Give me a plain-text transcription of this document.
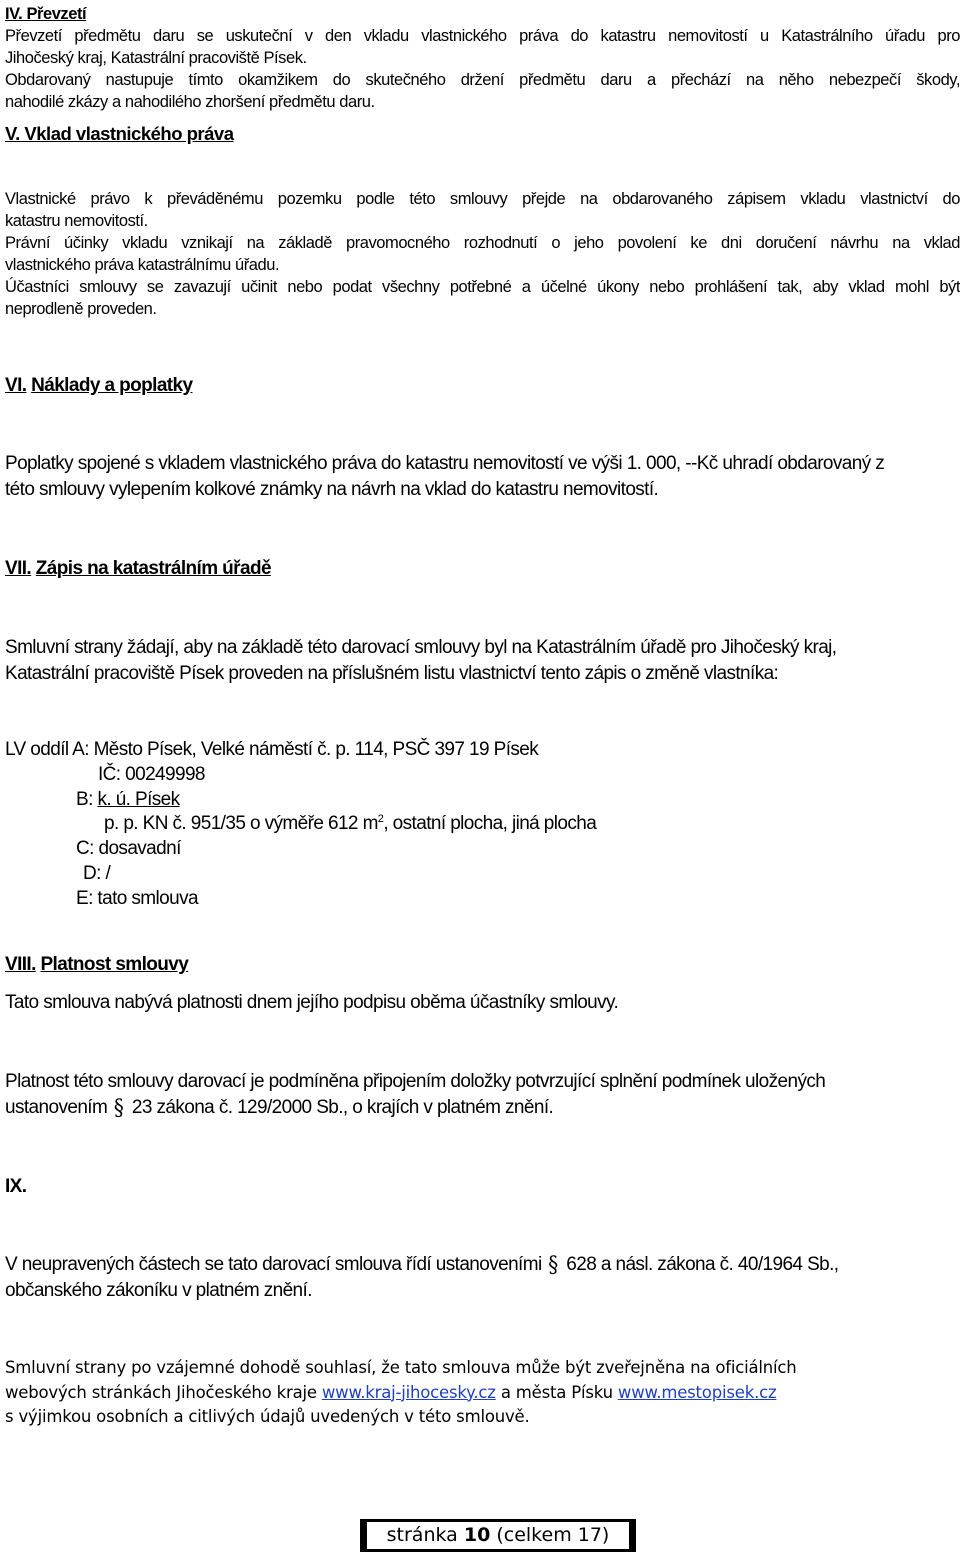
IV. Převzetí
Převzetí předmětu daru se uskuteční v den vkladu vlastnického práva do katastru nemovitostí u Katastrálního úřadu pro
Jihočeský kraj, Katastrální pracoviště Písek.
Obdarovaný nastupuje tímto okamžikem do skutečného držení předmětu daru a přechází na něho nebezpečí škody,
nahodilé zkázy a nahodilého zhoršení předmětu daru.
V. Vklad vlastnického práva
Vlastnické právo k převáděnému pozemku podle této smlouvy přejde na obdarovaného zápisem vkladu vlastnictví do
katastru nemovitostí.
Právní účinky vkladu vznikají na základě pravomocného rozhodnutí o jeho povolení ke dni doručení návrhu na vklad
vlastnického práva katastrálnímu úřadu.
Účastníci smlouvy se zavazují učinit nebo podat všechny potřebné a účelné úkony nebo prohlášení tak, aby vklad mohl být
neprodleně proveden.
VI. Náklady a poplatky
Poplatky spojené s vkladem vlastnického práva do katastru nemovitostí ve výši 1. 000, --Kč uhradí obdarovaný z
této smlouvy vylepením kolkové známky na návrh na vklad do katastru nemovitostí.
VII. Zápis na katastrálním úřadě
Smluvní strany žádají, aby na základě této darovací smlouvy byl na Katastrálním úřadě pro Jihočeský kraj,
Katastrální pracoviště Písek proveden na příslušném listu vlastnictví tento zápis o změně vlastníka:
LV oddíl A: Město Písek, Velké náměstí č. p. 114, PSČ 397 19 Písek
IČ: 00249998
B: k. ú. Písek
p. p. KN č. 951/35 o výměře 612 $m^2$, ostatní plocha, jiná plocha
C: dosavadní
D: /
E: tato smlouva
VIII. Platnost smlouvy
Tato smlouva nabývá platnosti dnem jejího podpisu oběma účastníky smlouvy.
Platnost této smlouvy darovací je podmíněna připojením doložky potvrzující splnění podmínek uložených
ustanovením § 23 zákona č. 129/2000 Sb., o krajích v platném znění.
IX.
V neupravených částech se tato darovací smlouva řídí ustanoveními § 628 a násl. zákona č. 40/1964 Sb.,
občanského zákoníku v platném znění.
Smluvní strany po vzájemné dohodě souhlasí, že tato smlouva může být zveřejněna na oficiálních
webových stránkách Jihočeského kraje www.kraj-jihocesky.cz a města Písku www.mestopisek.cz
s výjimkou osobních a citlivých údajů uvedených v této smlouvě.
stránka 10 (celkem 17)
